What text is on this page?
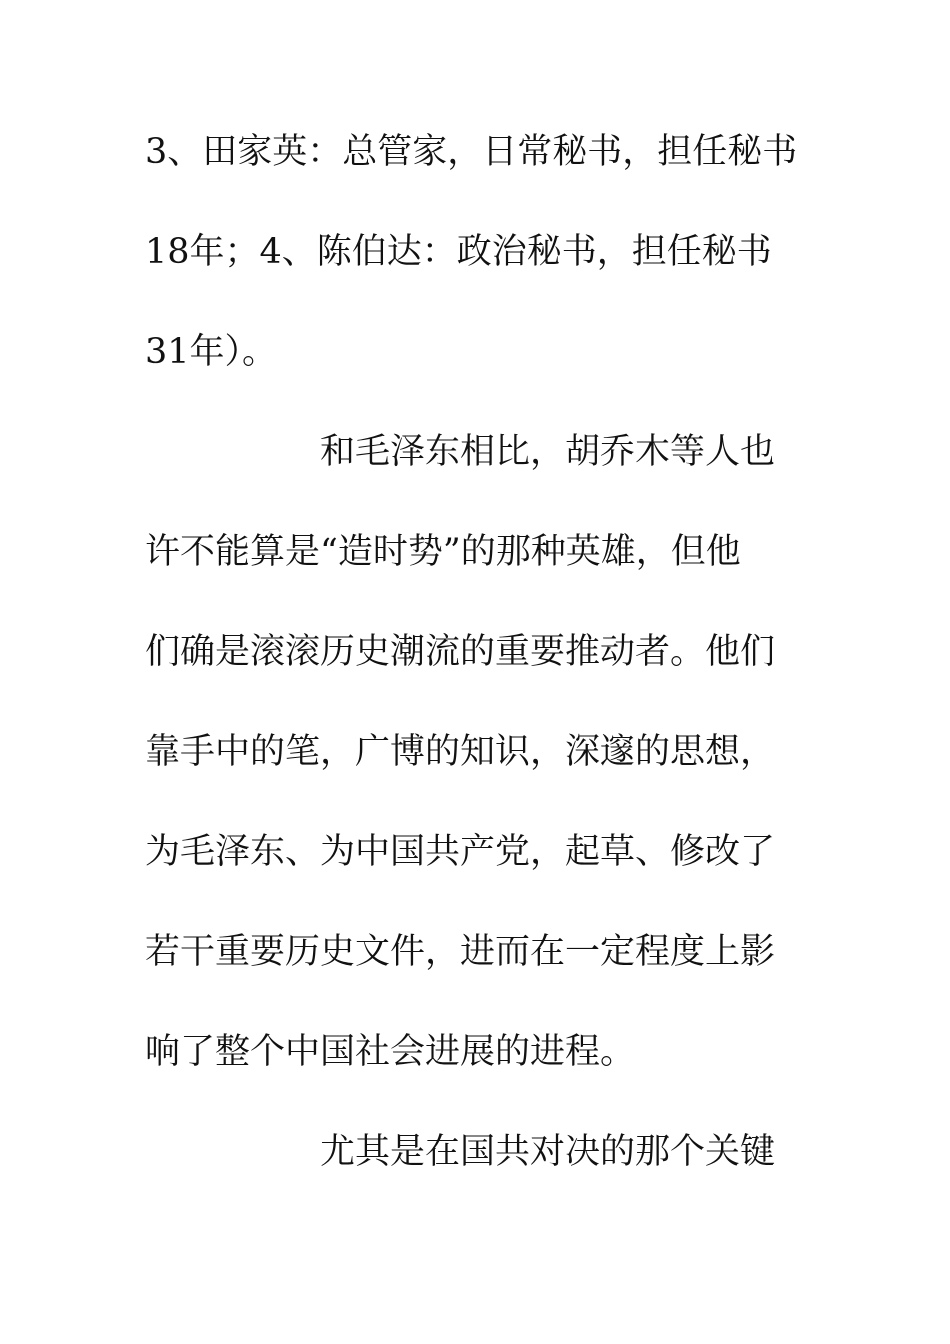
3、田家英：总管家，日常秘书，担任秘书
18年；4、陈伯达：政治秘书，担任秘书
31年）。
和毛泽东相比，胡乔木等人也
许不能算是“造时势”的那种英雄，但他
们确是滚滚历史潮流的重要推动者。他们
靠手中的笔，广博的知识，深邃的思想，
为毛泽东、为中国共产党，起草、修改了
若干重要历史文件，进而在一定程度上影
响了整个中国社会进展的进程。
尤其是在国共对决的那个关键
